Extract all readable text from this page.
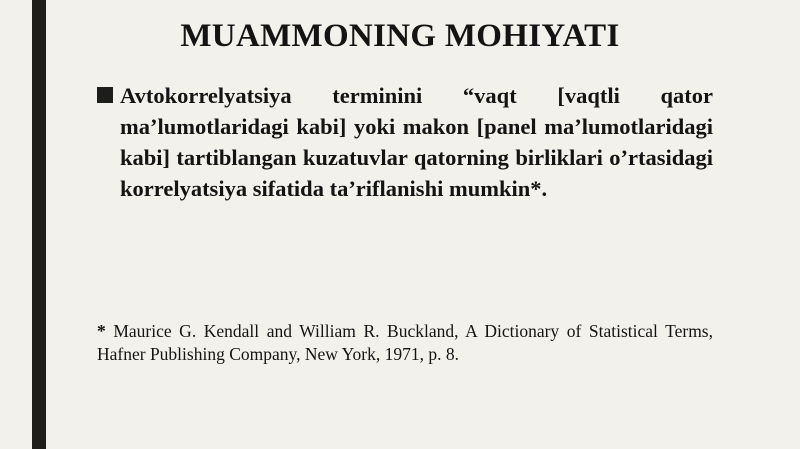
MUAMMONING MOHIYATI
Avtokorrelyatsiya terminini “vaqt [vaqtli qator ma’lumotlaridagi kabi] yoki makon [panel ma’lumotlaridagi kabi] tartiblangan kuzatuvlar qatorning birliklari o’rtasidagi korrelyatsiya sifatida ta’riflanishi mumkin*.
* Maurice G. Kendall and William R. Buckland, A Dictionary of Statistical Terms, Hafner Publishing Company, New York, 1971, p. 8.
